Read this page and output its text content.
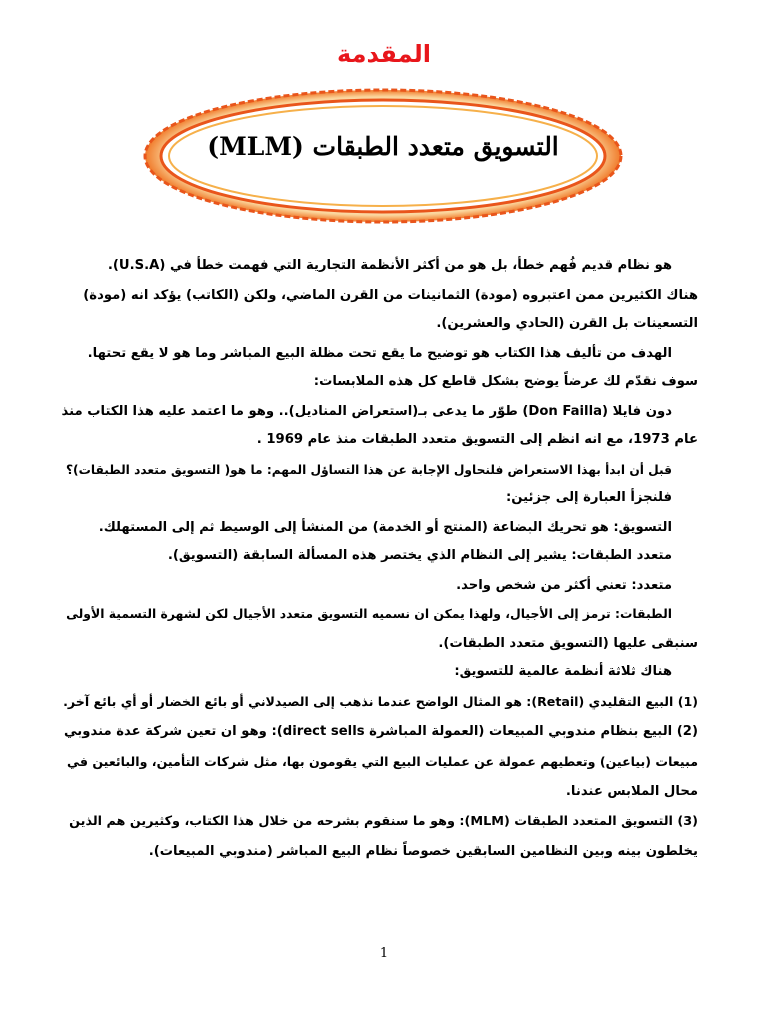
المقدمة
التسويق متعدد الطبقات (MLM)
هو نظام قديم فُهم خطأ، بل هو من أكثر الأنظمة التجارية التي فهمت خطأ في (U.S.A).
هناك الكثيرين ممن اعتبروه (مودة) الثمانينات من القرن الماضي، ولكن (الكاتب) يؤكد انه (مودة)
التسعينات بل القرن (الحادي والعشرين).
الهدف من تأليف هذا الكتاب هو توضيح ما يقع تحت مظلة البيع المباشر وما هو لا يقع تحتها.
سوف نقدّم لك عرضاً يوضح بشكل قاطع كل هذه الملابسات:
دون فايلا (Don Failla) طوّر ما يدعى بـ(استعراض المناديل).. وهو ما اعتمد عليه هذا الكتاب منذ
عام 1973، مع انه انظم إلى التسويق متعدد الطبقات منذ عام 1969 .
قبل أن ابدأ بهذا الاستعراض فلنحاول الإجابة عن هذا التساؤل المهم: ما هو( التسويق متعدد الطبقات)؟
فلنجزأ العبارة إلى جزئين:
التسويق: هو تحريك البضاعة (المنتج أو الخدمة) من المنشأ إلى الوسيط ثم إلى المستهلك.
متعدد الطبقات: يشير إلى النظام الذي يختصر هذه المسألة السابقة (التسويق).
متعدد: تعني أكثر من شخص واحد.
الطبقات: ترمز إلى الأجيال، ولهذا يمكن ان نسميه التسويق متعدد الأجيال لكن لشهرة التسمية الأولى
سنبقى عليها (التسويق متعدد الطبقات).
هناك ثلاثة أنظمة عالمية للتسويق:
(1) البيع التقليدي (Retail): هو المثال الواضح عندما نذهب إلى الصيدلاني أو بائع الخضار أو أي بائع آخر.
(2) البيع بنظام مندوبي المبيعات (العمولة المباشرة direct sells): وهو ان تعين شركة عدة مندوبي
مبيعات (بياعين) وتعطيهم عمولة عن عمليات البيع التي يقومون بها، مثل شركات التأمين، والبائعين في
محال الملابس عندنا.
(3) التسويق المتعدد الطبقات (MLM): وهو ما سنقوم بشرحه من خلال هذا الكتاب، وكثيرين هم الذين
يخلطون بينه وبين النظامين السابقين خصوصاً نظام البيع المباشر (مندوبي المبيعات).
1
